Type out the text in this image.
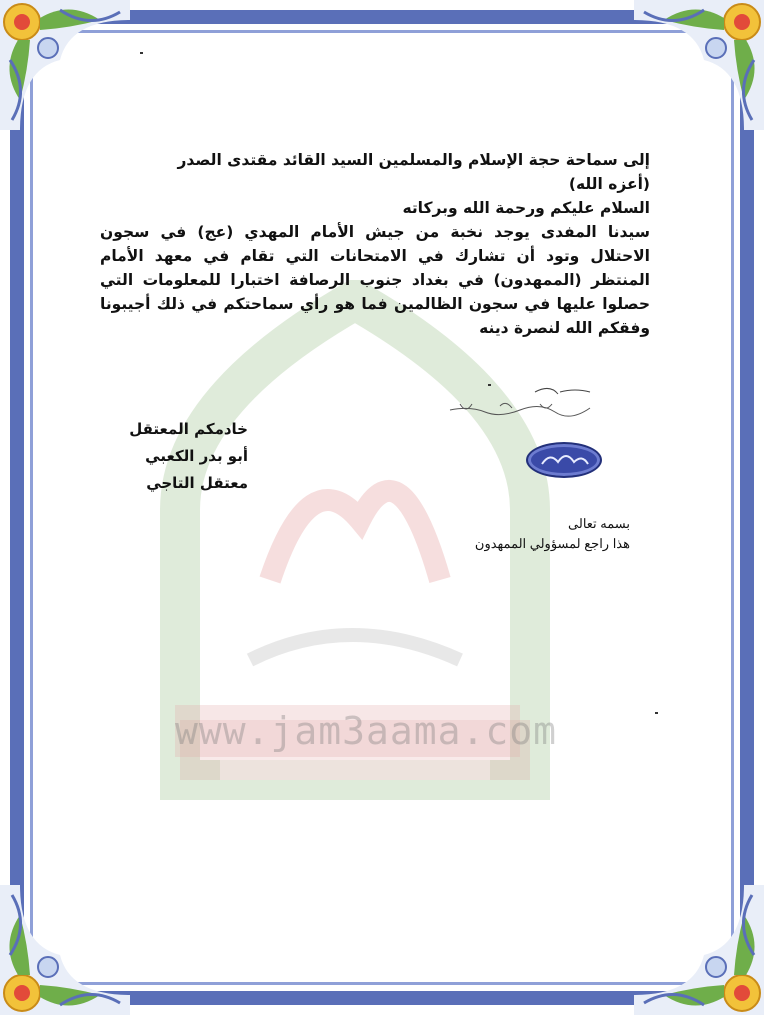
www.jam3aama.com

إلى سماحة حجة الإسلام والمسلمين السيد القائد مقتدى الصدر

(أعزه الله)

السلام عليكم ورحمة الله وبركاته

سيدنا المفدى يوجد نخبة من جيش الأمام المهدي (عج) في سجون الاحتلال وتود أن تشارك في الامتحانات التي تقام في معهد الأمام المنتظر (الممهدون) في بغداد جنوب الرصافة اختبارا للمعلومات التي حصلوا عليها في سجون الظالمين فما هو رأي سماحتكم في ذلك أجيبونا وفقكم الله لنصرة دينه

خادمكم المعتقل
أبو بدر الكعبي
معتقل التاجي
بسمه تعالى
هذا راجع لمسؤولي الممهدون
